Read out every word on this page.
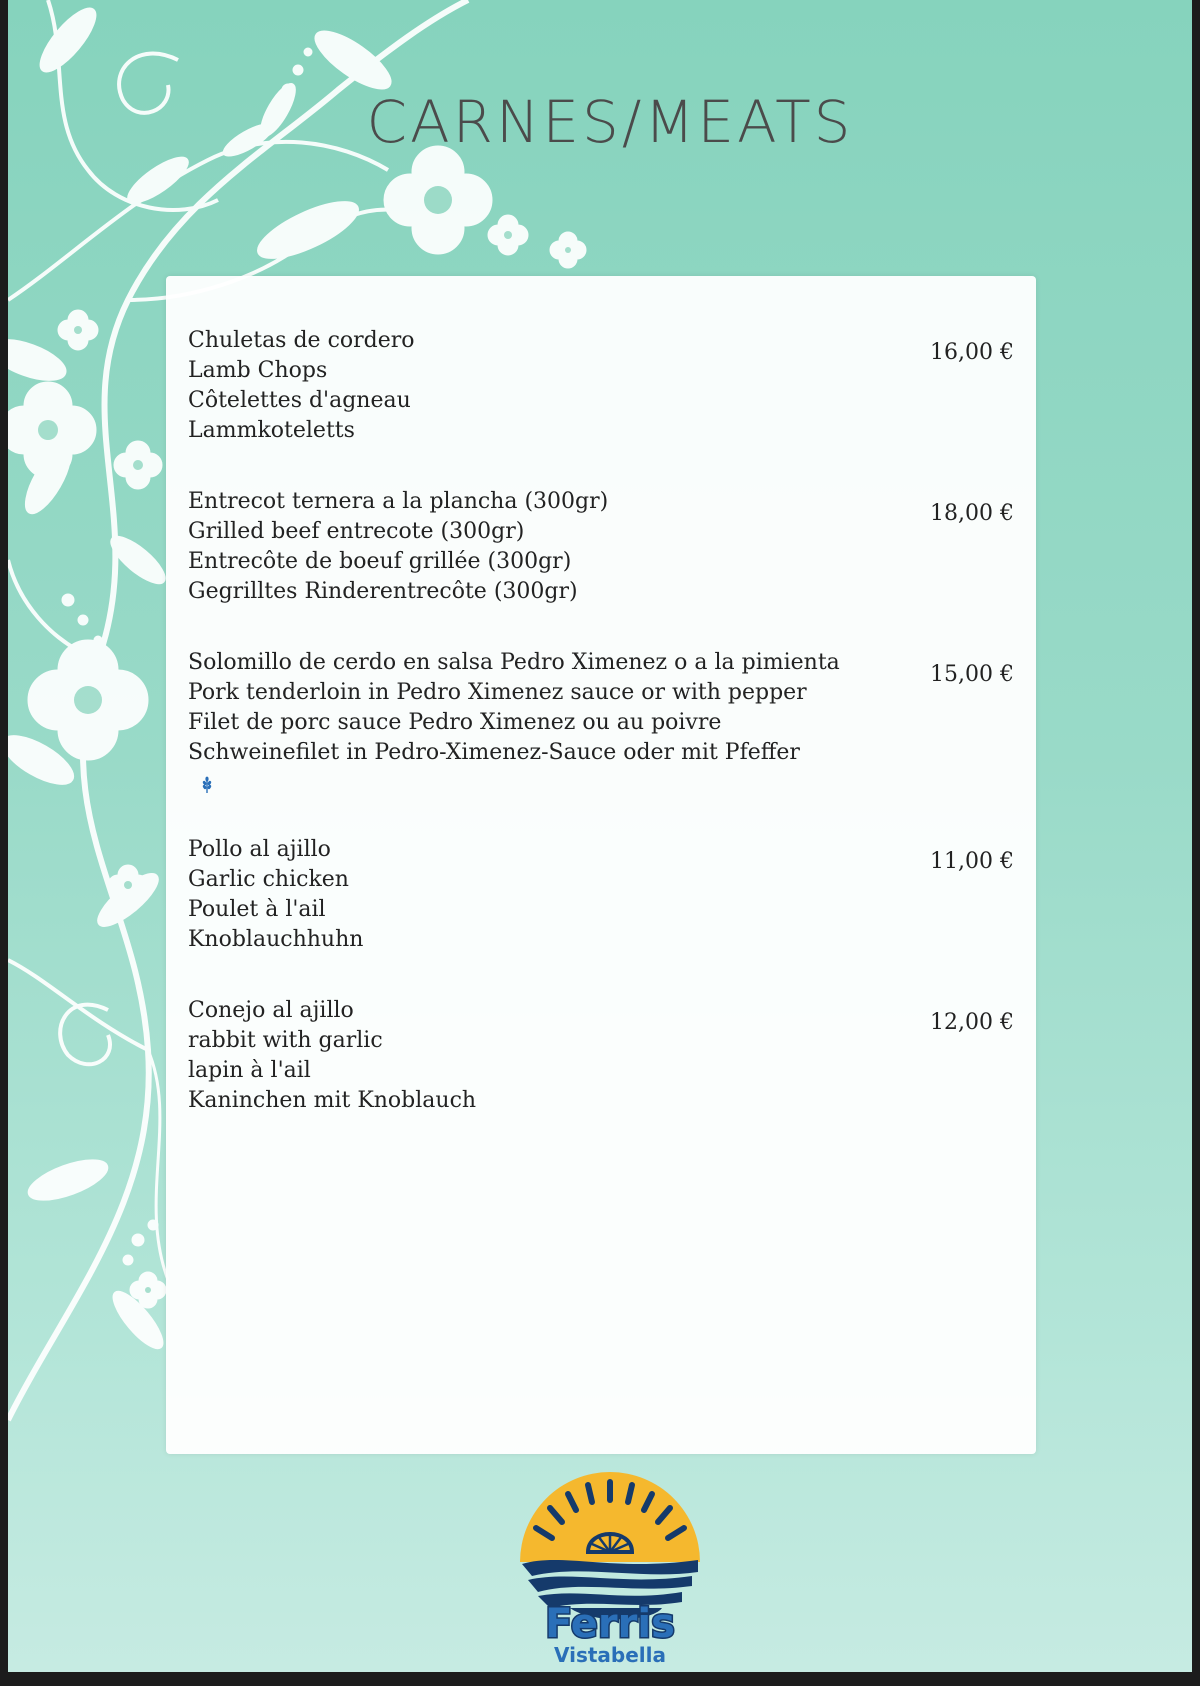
CARNES/MEATS
Chuletas de cordero
Lamb Chops
Côtelettes d'agneau
Lammkoteletts
16,00 €
Entrecot ternera a la plancha (300gr)
Grilled beef entrecote (300gr)
Entrecôte de boeuf grillée (300gr)
Gegrilltes Rinderentrecôte (300gr)
18,00 €
Solomillo de cerdo en salsa Pedro Ximenez o a la pimienta
Pork tenderloin in Pedro Ximenez sauce or with pepper
Filet de porc sauce Pedro Ximenez ou au poivre
Schweinefilet in Pedro-Ximenez-Sauce oder mit Pfeffer
15,00 €
Pollo al ajillo
Garlic chicken
Poulet à l'ail
Knoblauchhuhn
11,00 €
Conejo al ajillo
rabbit with garlic
lapin à l'ail
Kaninchen mit Knoblauch
12,00 €
Ferris
Vistabella
